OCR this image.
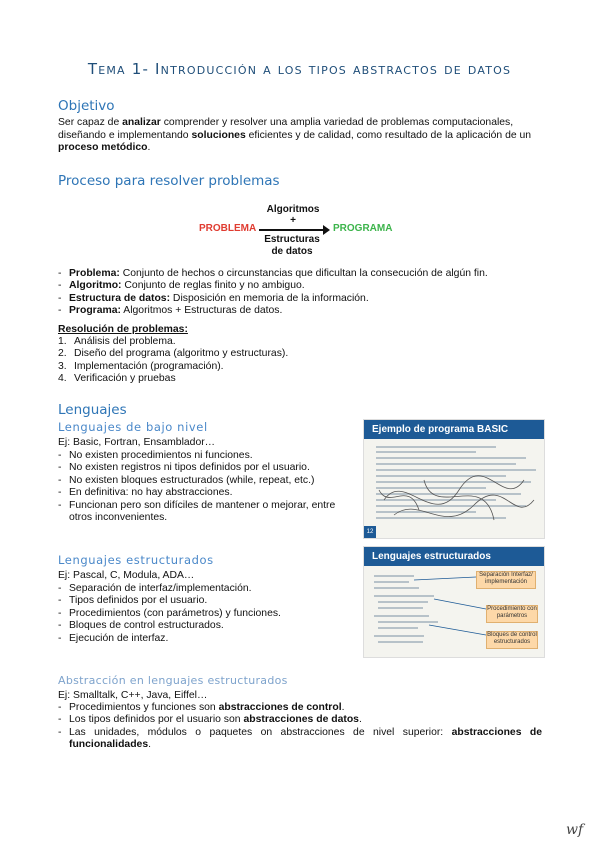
Tema 1- Introducción a los tipos abstractos de datos
Objetivo
Ser capaz de analizar comprender y resolver una amplia variedad de problemas computacionales, diseñando e implementando soluciones eficientes y de calidad, como resultado de la aplicación de un proceso metódico.
Proceso para resolver problemas
Algoritmos
+
PROBLEMA	PROGRAMA
Estructuras
de datos
- Problema: Conjunto de hechos o circunstancias que dificultan la consecución de algún fin.
- Algoritmo: Conjunto de reglas finito y no ambiguo.
- Estructura de datos: Disposición en memoria de la información.
- Programa: Algoritmos + Estructuras de datos.
Resolución de problemas:
1. Análisis del problema.
2. Diseño del programa (algoritmo y estructuras).
3. Implementación (programación).
4. Verificación y pruebas
Lenguajes
Lenguajes de bajo nivel
Ej: Basic, Fortran, Ensamblador…
- No existen procedimientos ni funciones.
- No existen registros ni tipos definidos por el usuario.
- No existen bloques estructurados (while, repeat, etc.)
- En definitiva: no hay abstracciones.
- Funcionan pero son difíciles de mantener o mejorar, entre otros inconvenientes.
Ejemplo de programa BASIC
12
Lenguajes estructurados
Ej: Pascal, C, Modula, ADA…
- Separación de interfaz/implementación.
- Tipos definidos por el usuario.
- Procedimientos (con parámetros) y funciones.
- Bloques de control estructurados.
- Ejecución de interfaz.
Lenguajes estructurados
Separación Interfaz/ implementación
Procedimiento con parámetros
Bloques de control estructurados
Abstracción en lenguajes estructurados
Ej: Smalltalk, C++, Java, Eiffel…
- Procedimientos y funciones son abstracciones de control.
- Los tipos definidos por el usuario son abstracciones de datos.
- Las unidades, módulos o paquetes on abstracciones de nivel superior: abstracciones de funcionalidades.
wf
